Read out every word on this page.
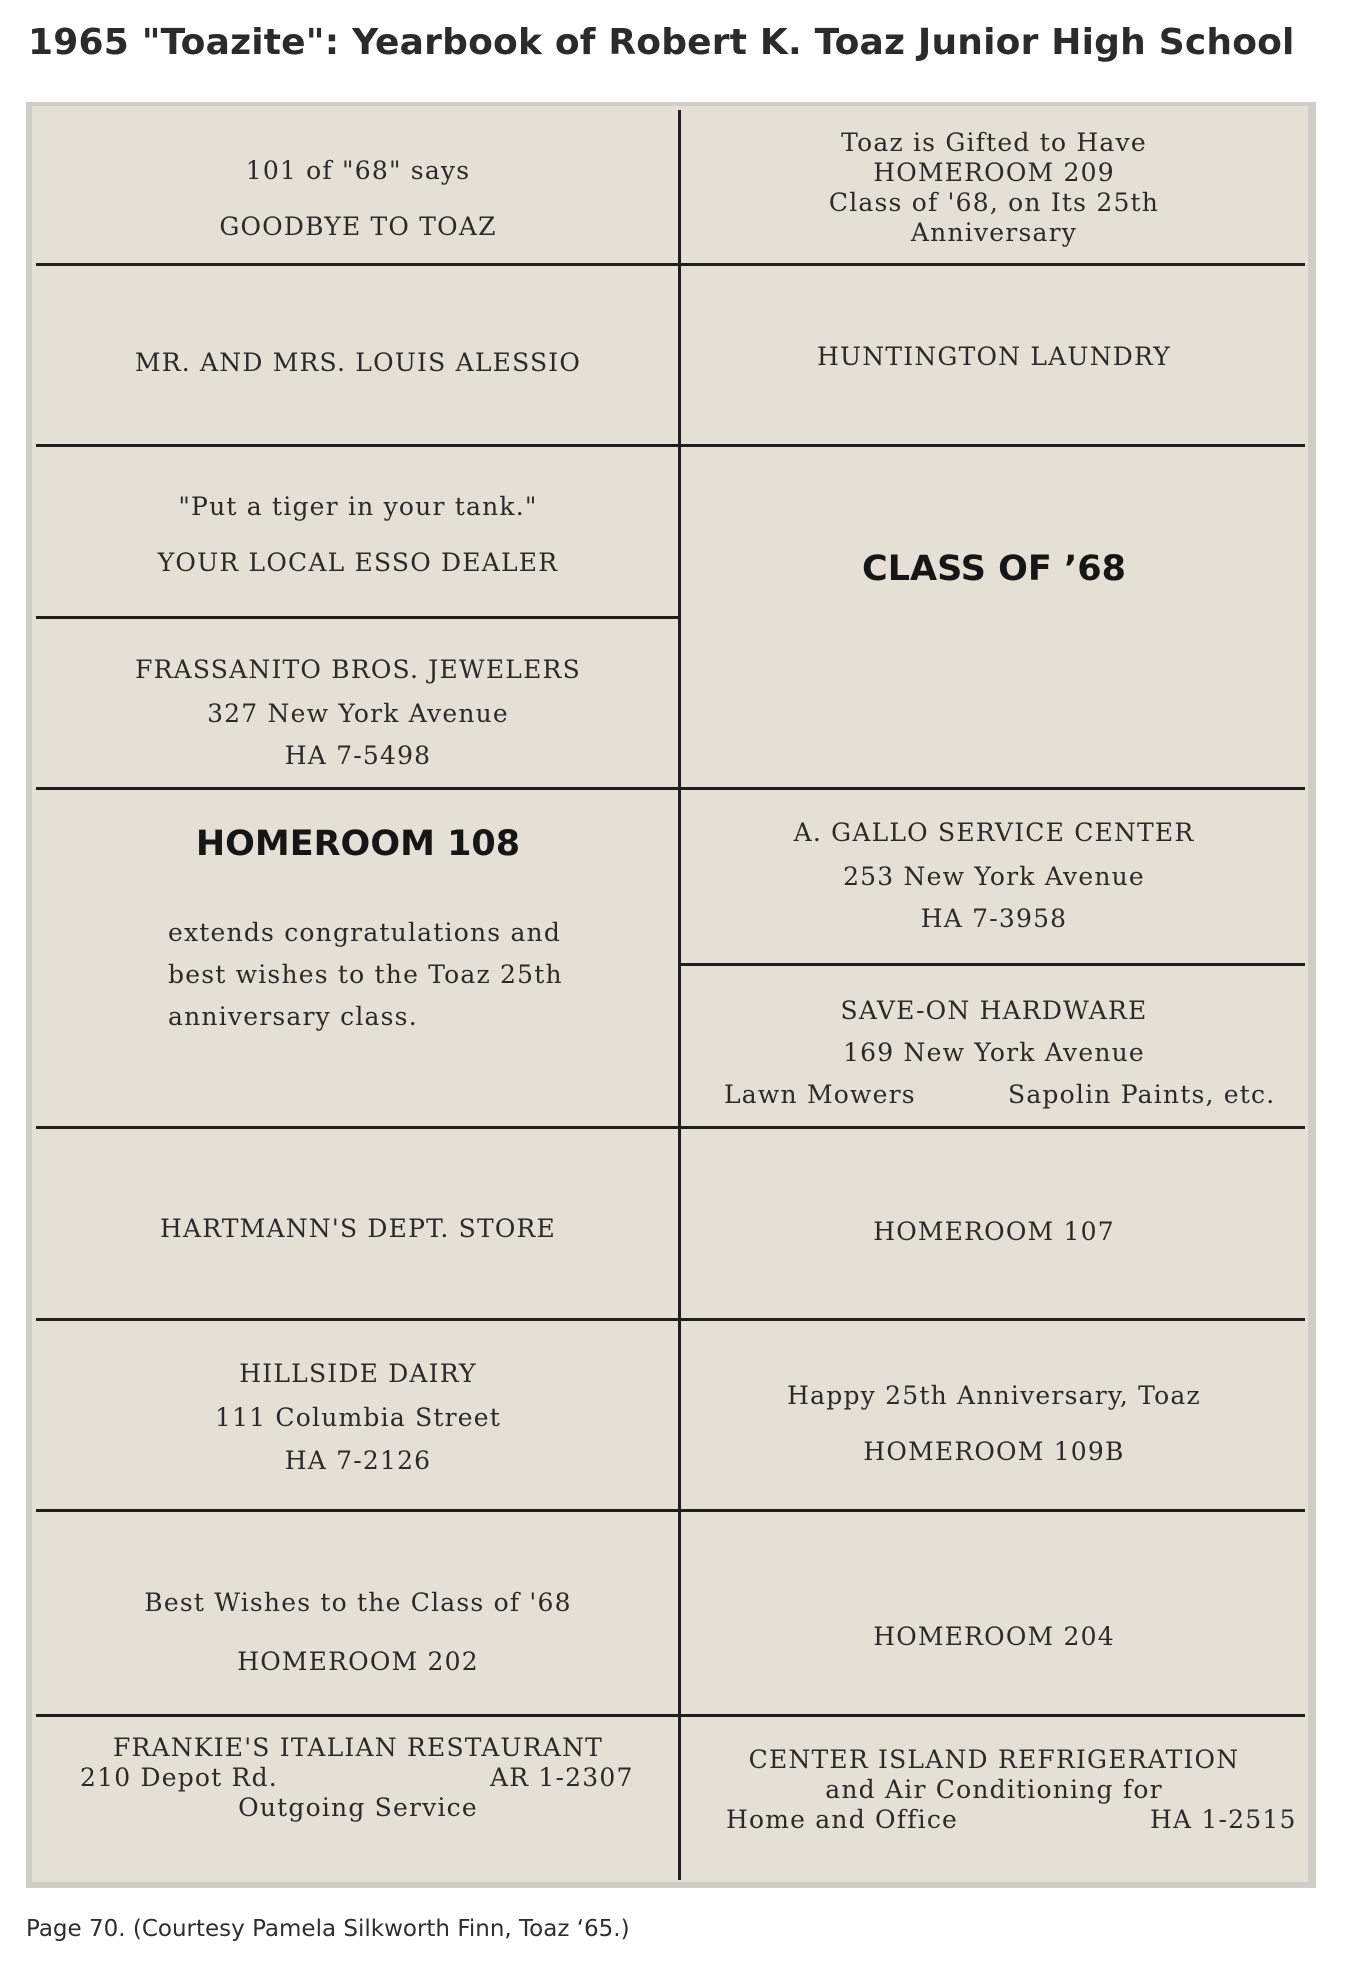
1965 "Toazite": Yearbook of Robert K. Toaz Junior High School
101 of "68" says
GOODBYE TO TOAZ
MR. AND MRS. LOUIS ALESSIO
"Put a tiger in your tank."
YOUR LOCAL ESSO DEALER
FRASSANITO BROS. JEWELERS
327 New York Avenue
HA 7-5498
HOMEROOM 108
extends congratulations and
best wishes to the Toaz 25th
anniversary class.
HARTMANN'S DEPT. STORE
HILLSIDE DAIRY
111 Columbia Street
HA 7-2126
Best Wishes to the Class of '68
HOMEROOM 202
FRANKIE'S ITALIAN RESTAURANT
210 Depot Rd.	AR 1-2307
Outgoing Service
Toaz is Gifted to Have
HOMEROOM 209
Class of '68, on Its 25th
Anniversary
HUNTINGTON LAUNDRY
CLASS OF ’68
A. GALLO SERVICE CENTER
253 New York Avenue
HA 7-3958
SAVE-ON HARDWARE
169 New York Avenue
Lawn Mowers	Sapolin Paints, etc.
HOMEROOM 107
Happy 25th Anniversary, Toaz
HOMEROOM 109B
HOMEROOM 204
CENTER ISLAND REFRIGERATION
and Air Conditioning for
Home and Office	HA 1-2515
Page 70. (Courtesy Pamela Silkworth Finn, Toaz ‘65.)
